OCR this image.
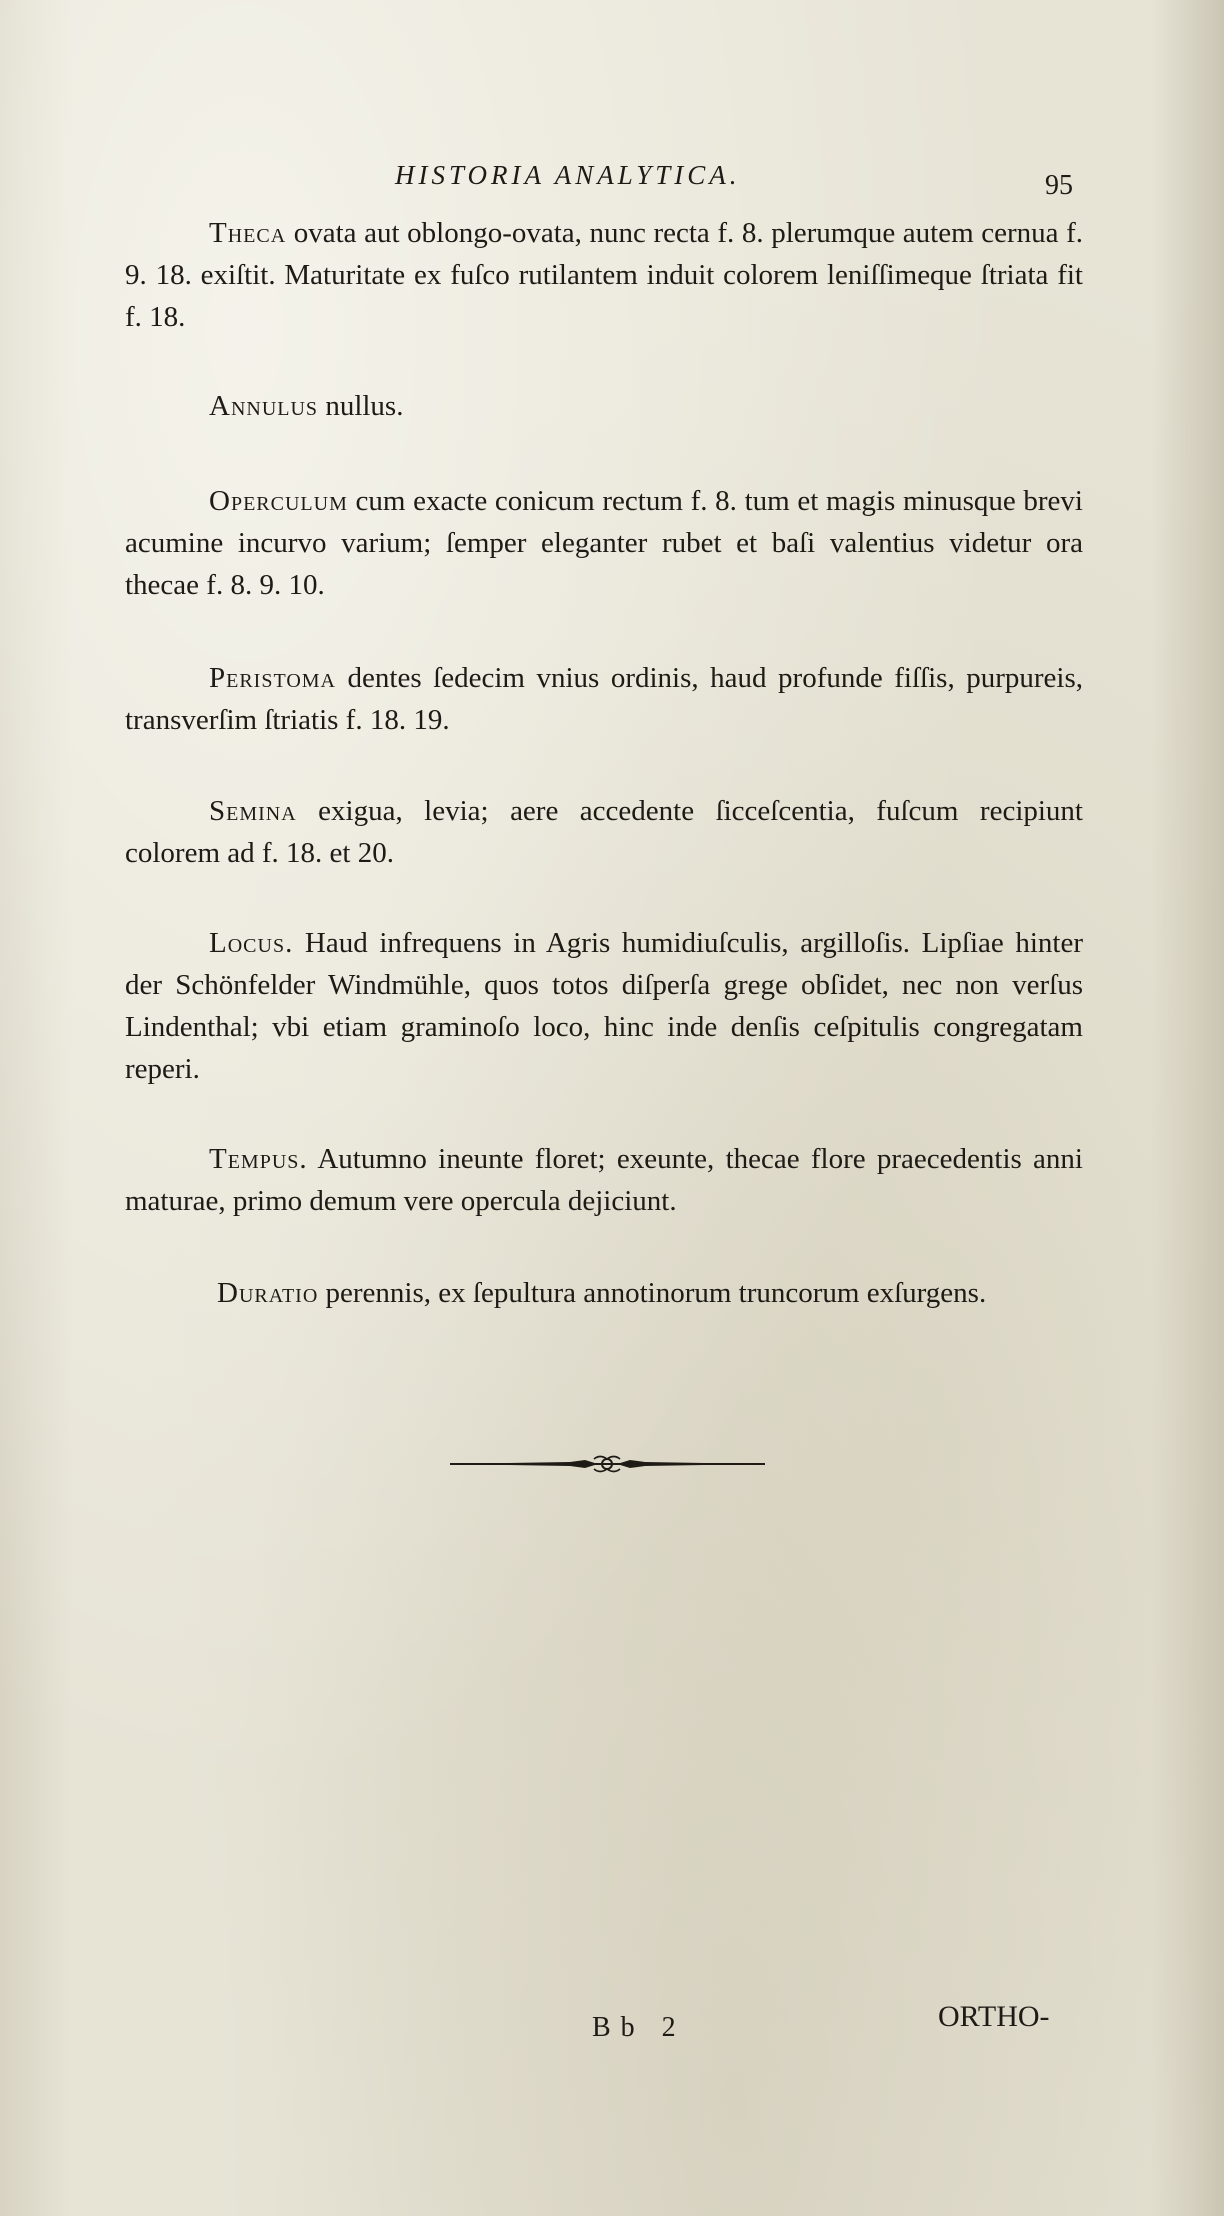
HISTORIA ANALYTICA.	95

Theca ovata aut oblongo-ovata, nunc recta f. 8. plerumque autem cernua f. 9. 18. exiſtit. Maturitate ex fuſco rutilantem induit colorem leniſſimeque ſtriata fit f. 18.

Annulus nullus.

Operculum cum exacte conicum rectum f. 8. tum et magis minusque brevi acumine incurvo varium; ſemper eleganter rubet et baſi valentius videtur ora thecae f. 8. 9. 10.

Peristoma dentes ſedecim vnius ordinis, haud profunde fiſſis, purpureis, transverſim ſtriatis f. 18. 19.

Semina exigua, levia; aere accedente ſicceſcentia, fuſcum recipiunt colorem ad f. 18. et 20.

Locus. Haud infrequens in Agris humidiuſculis, argilloſis. Lipſiae hinter der Schönfelder Windmühle, quos totos diſperſa grege obſidet, nec non verſus Lindenthal; vbi etiam graminoſo loco, hinc inde denſis ceſpitulis congregatam reperi.

Tempus. Autumno ineunte floret; exeunte, thecae flore praecedentis anni maturae, primo demum vere opercula dejiciunt.

Duratio perennis, ex ſepultura annotinorum truncorum exſurgens.

Bb 2	ORTHO-
